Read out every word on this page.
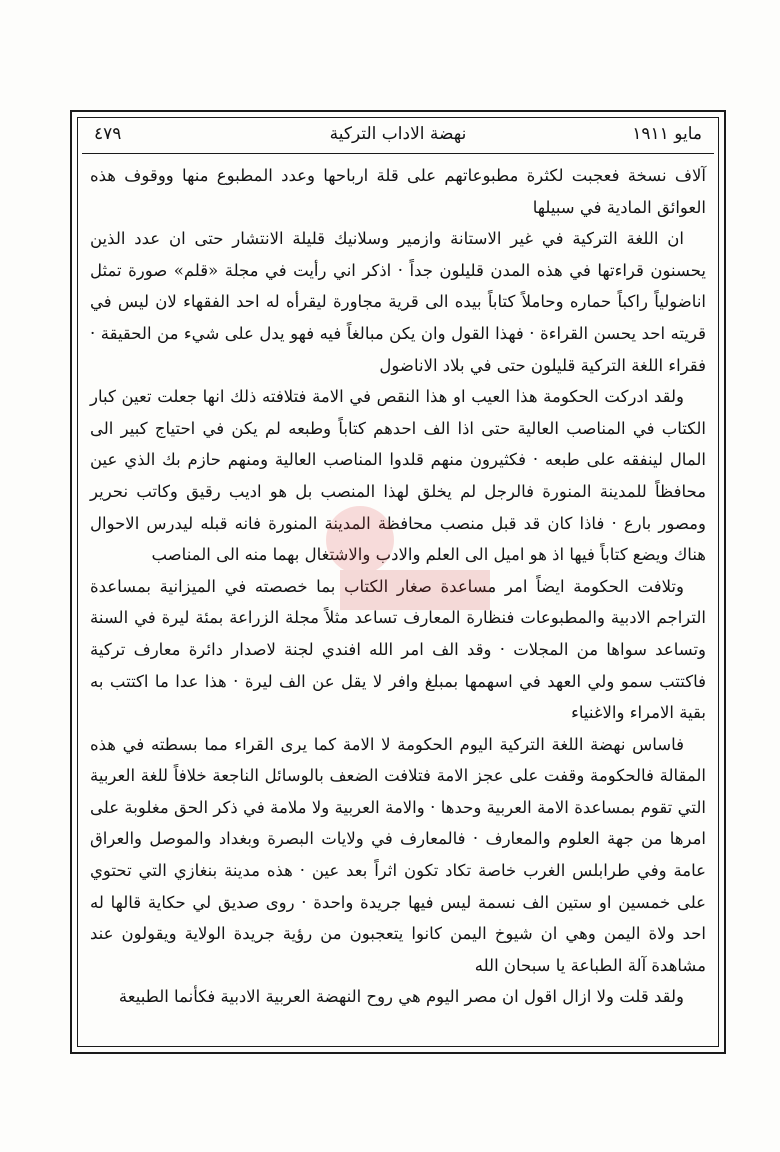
مايو ١٩١١
نهضة الاداب التركية
٤٧٩

آلاف نسخة فعجبت لكثرة مطبوعاتهم على قلة ارباحها وعدد المطبوع منها ووقوف هذه العوائق المادية في سبيلها

ان اللغة التركية في غير الاستانة وازمير وسلانيك قليلة الانتشار حتى ان عدد الذين يحسنون قراءتها في هذه المدن قليلون جداً · اذكر اني رأيت في مجلة «قلم» صورة تمثل اناضولياً راكباً حماره وحاملاً كتاباً بيده الى قرية مجاورة ليقرأه له احد الفقهاء لان ليس في قريته احد يحسن القراءة · فهذا القول وان يكن مبالغاً فيه فهو يدل على شيء من الحقيقة · فقراء اللغة التركية قليلون حتى في بلاد الاناضول

ولقد ادركت الحكومة هذا العيب او هذا النقص في الامة فتلافته ذلك انها جعلت تعين كبار الكتاب في المناصب العالية حتى اذا الف احدهم كتاباً وطبعه لم يكن في احتياج كبير الى المال لينفقه على طبعه · فكثيرون منهم قلدوا المناصب العالية ومنهم حازم بك الذي عين محافظاً للمدينة المنورة فالرجل لم يخلق لهذا المنصب بل هو اديب رقيق وكاتب نحرير ومصور بارع · فاذا كان قد قبل منصب محافظة المدينة المنورة فانه قبله ليدرس الاحوال هناك ويضع كتاباً فيها اذ هو اميل الى العلم والادب والاشتغال بهما منه الى المناصب

وتلافت الحكومة ايضاً امر مساعدة صغار الكتاب بما خصصته في الميزانية بمساعدة التراجم الادبية والمطبوعات فنظارة المعارف تساعد مثلاً مجلة الزراعة بمئة ليرة في السنة وتساعد سواها من المجلات · وقد الف امر الله افندي لجنة لاصدار دائرة معارف تركية فاكتتب سمو ولي العهد في اسهمها بمبلغ وافر لا يقل عن الف ليرة · هذا عدا ما اكتتب به بقية الامراء والاغنياء

فاساس نهضة اللغة التركية اليوم الحكومة لا الامة كما يرى القراء مما بسطته في هذه المقالة فالحكومة وقفت على عجز الامة فتلافت الضعف بالوسائل الناجعة خلافاً للغة العربية التي تقوم بمساعدة الامة العربية وحدها · والامة العربية ولا ملامة في ذكر الحق مغلوبة على امرها من جهة العلوم والمعارف · فالمعارف في ولايات البصرة وبغداد والموصل والعراق عامة وفي طرابلس الغرب خاصة تكاد تكون اثراً بعد عين · هذه مدينة بنغازي التي تحتوي على خمسين او ستين الف نسمة ليس فيها جريدة واحدة · روى صديق لي حكاية قالها له احد ولاة اليمن وهي ان شيوخ اليمن كانوا يتعجبون من رؤية جريدة الولاية ويقولون عند مشاهدة آلة الطباعة يا سبحان الله

ولقد قلت ولا ازال اقول ان مصر اليوم هي روح النهضة العربية الادبية فكأنما الطبيعة
